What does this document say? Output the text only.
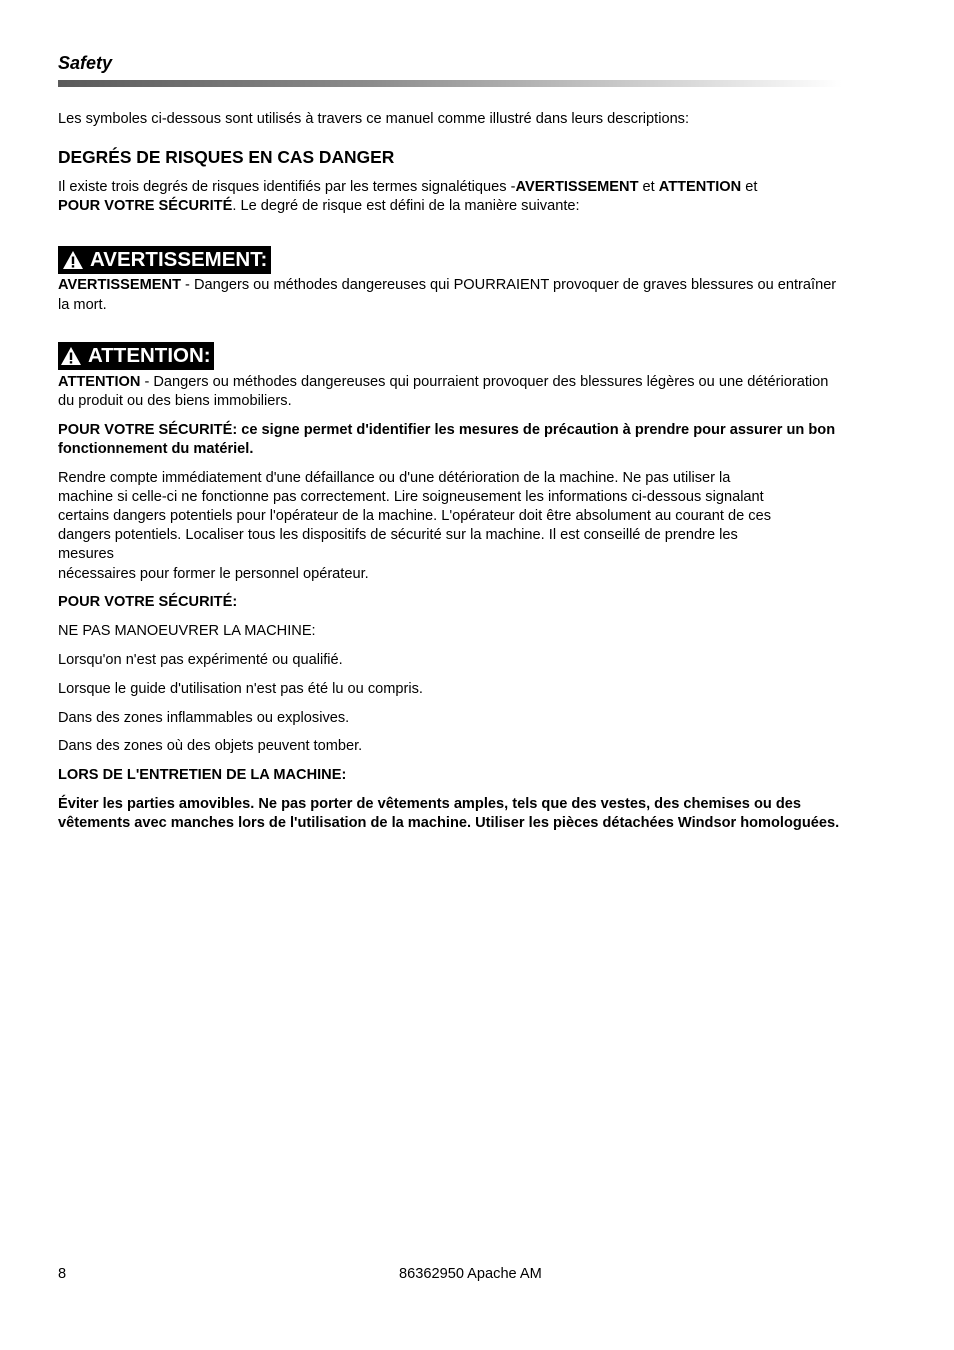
Safety

Les symboles ci-dessous sont utilisés à travers ce manuel comme illustré dans leurs descriptions:

DEGRÉS DE RISQUES EN CAS DANGER

Il existe trois degrés de risques identifiés par les termes signalétiques -AVERTISSEMENT et ATTENTION et
POUR VOTRE SÉCURITÉ. Le degré de risque est défini de la manière suivante:

AVERTISSEMENT:

AVERTISSEMENT - Dangers ou méthodes dangereuses qui POURRAIENT provoquer de graves blessures ou entraîner la mort.

ATTENTION:

ATTENTION - Dangers ou méthodes dangereuses qui pourraient provoquer des blessures légères ou une détérioration du produit ou des biens immobiliers.

POUR VOTRE SÉCURITÉ: ce signe permet d'identifier les mesures de précaution à prendre pour assurer un bon fonctionnement du matériel.

Rendre compte immédiatement d'une défaillance ou d'une détérioration de la machine. Ne pas utiliser la
machine si celle-ci ne fonctionne pas correctement. Lire soigneusement les informations ci-dessous signalant
certains dangers potentiels pour l'opérateur de la machine. L'opérateur doit être absolument au courant de ces
dangers potentiels. Localiser tous les dispositifs de sécurité sur la machine. Il est conseillé de prendre les
mesures
nécessaires pour former le personnel opérateur.

POUR VOTRE SÉCURITÉ:

NE PAS MANOEUVRER LA MACHINE:

Lorsqu'on n'est pas expérimenté ou qualifié.

Lorsque le guide d'utilisation n'est pas été lu ou compris.

Dans des zones inflammables ou explosives.

Dans des zones où des objets peuvent tomber.

LORS DE L'ENTRETIEN DE LA MACHINE:

Éviter les parties amovibles. Ne pas porter de vêtements amples, tels que des vestes, des chemises ou des vêtements avec manches lors de l'utilisation de la machine. Utiliser les pièces détachées Windsor homologuées.

8	86362950 Apache AM
